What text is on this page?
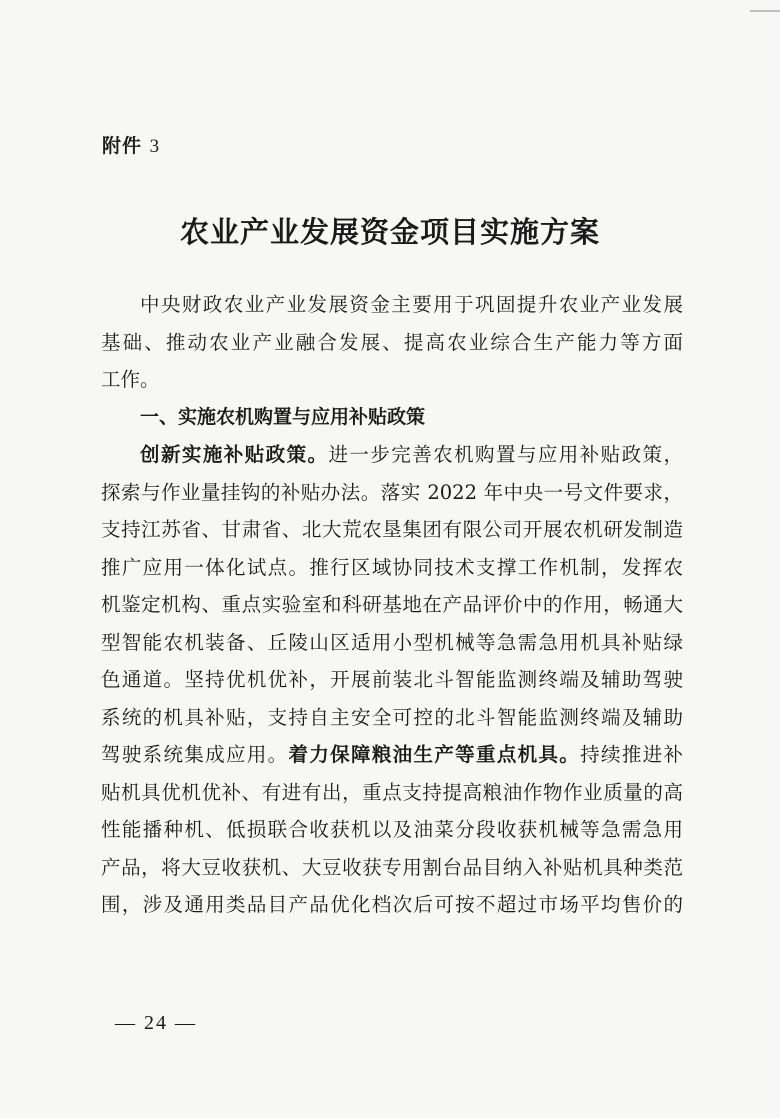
附件 3
农业产业发展资金项目实施方案
中央财政农业产业发展资金主要用于巩固提升农业产业发展
基础、推动农业产业融合发展、提高农业综合生产能力等方面
工作。
一、实施农机购置与应用补贴政策
创新实施补贴政策。进一步完善农机购置与应用补贴政策，
探索与作业量挂钩的补贴办法。落实 2022 年中央一号文件要求，
支持江苏省、甘肃省、北大荒农垦集团有限公司开展农机研发制造
推广应用一体化试点。推行区域协同技术支撑工作机制，发挥农
机鉴定机构、重点实验室和科研基地在产品评价中的作用，畅通大
型智能农机装备、丘陵山区适用小型机械等急需急用机具补贴绿
色通道。坚持优机优补，开展前装北斗智能监测终端及辅助驾驶
系统的机具补贴，支持自主安全可控的北斗智能监测终端及辅助
驾驶系统集成应用。着力保障粮油生产等重点机具。持续推进补
贴机具优机优补、有进有出，重点支持提高粮油作物作业质量的高
性能播种机、低损联合收获机以及油菜分段收获机械等急需急用
产品，将大豆收获机、大豆收获专用割台品目纳入补贴机具种类范
围，涉及通用类品目产品优化档次后可按不超过市场平均售价的
— 24 —
